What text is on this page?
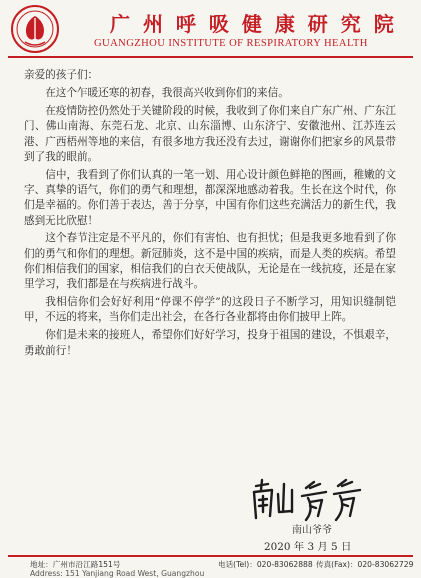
广 州 呼 吸 健 康 研 究 院
GUANGZHOU INSTITUTE OF RESPIRATORY HEALTH

亲爱的孩子们：

在这个乍暖还寒的初春，我很高兴收到你们的来信。

在疫情防控仍然处于关键阶段的时候，我收到了你们来自广东广州、广东江门、佛山南海、东莞石龙、北京、山东淄博、山东济宁、安徽池州、江苏连云港、广西梧州等地的来信，有很多地方我还没有去过，谢谢你们把家乡的风景带到了我的眼前。

信中，我看到了你们认真的一笔一划、用心设计颜色鲜艳的图画，稚嫩的文字、真挚的语气，你们的勇气和理想，都深深地感动着我。生长在这个时代，你们是幸福的。你们善于表达，善于分享，中国有你们这些充满活力的新生代，我感到无比欣慰！

这个春节注定是不平凡的，你们有害怕、也有担忧；但是我更多地看到了你们的勇气和你们的理想。新冠肺炎，这不是中国的疾病，而是人类的疾病。希望你们相信我们的国家，相信我们的白衣天使战队，无论是在一线抗疫，还是在家里学习，我们都是在与疾病进行战斗。

我相信你们会好好利用“停课不停学”的这段日子不断学习，用知识缝制铠甲，不远的将来，当你们走出社会，在各行各业都将由你们披甲上阵。

你们是未来的接班人，希望你们好好学习，投身于祖国的建设，不惧艰辛，勇敢前行！

南山爷爷
2020 年 3 月 5 日
地址：广州市沿江路151号	电话(Tel)：020-83062888 传真(Fax)：020-83062729
Address: 151 Yanjiang Road West, Guangzhou
